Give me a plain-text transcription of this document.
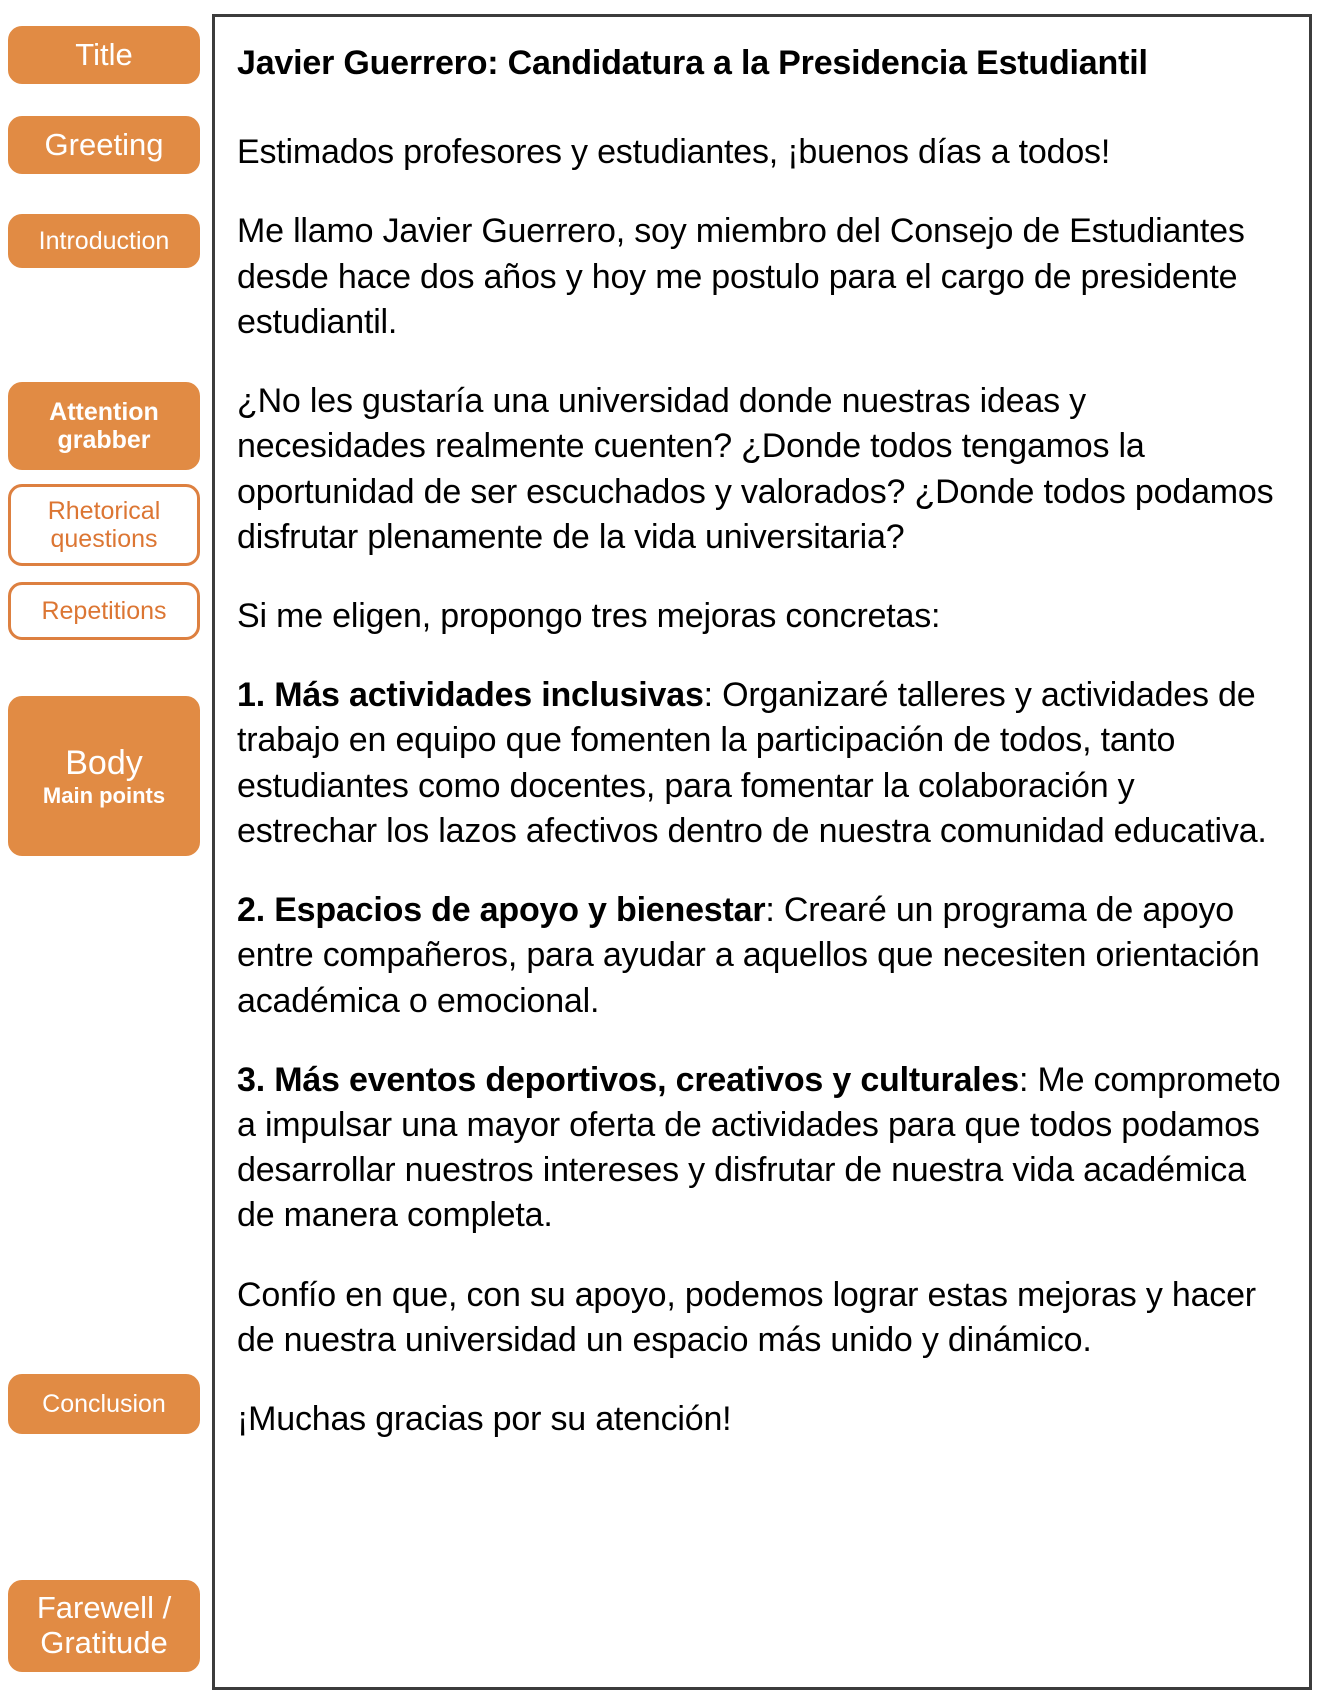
Title
Greeting
Introduction
Attention
grabber
Rhetorical
questions
Repetitions
Body
Main points
Conclusion
Farewell /
Gratitude

Javier Guerrero: Candidatura a la Presidencia Estudiantil

Estimados profesores y estudiantes, ¡buenos días a todos!

Me llamo Javier Guerrero, soy miembro del Consejo de Estudiantes desde hace dos años y hoy me postulo para el cargo de presidente estudiantil.

¿No les gustaría una universidad donde nuestras ideas y necesidades realmente cuenten? ¿Donde todos tengamos la oportunidad de ser escuchados y valorados? ¿Donde todos podamos disfrutar plenamente de la vida universitaria?

Si me eligen, propongo tres mejoras concretas:

1. Más actividades inclusivas: Organizaré talleres y actividades de trabajo en equipo que fomenten la participación de todos, tanto estudiantes como docentes, para fomentar la colaboración y estrechar los lazos afectivos dentro de nuestra comunidad educativa.

2. Espacios de apoyo y bienestar: Crearé un programa de apoyo entre compañeros, para ayudar a aquellos que necesiten orientación académica o emocional.

3. Más eventos deportivos, creativos y culturales: Me comprometo a impulsar una mayor oferta de actividades para que todos podamos desarrollar nuestros intereses y disfrutar de nuestra vida académica de manera completa.

Confío en que, con su apoyo, podemos lograr estas mejoras y hacer de nuestra universidad un espacio más unido y dinámico.

¡Muchas gracias por su atención!
